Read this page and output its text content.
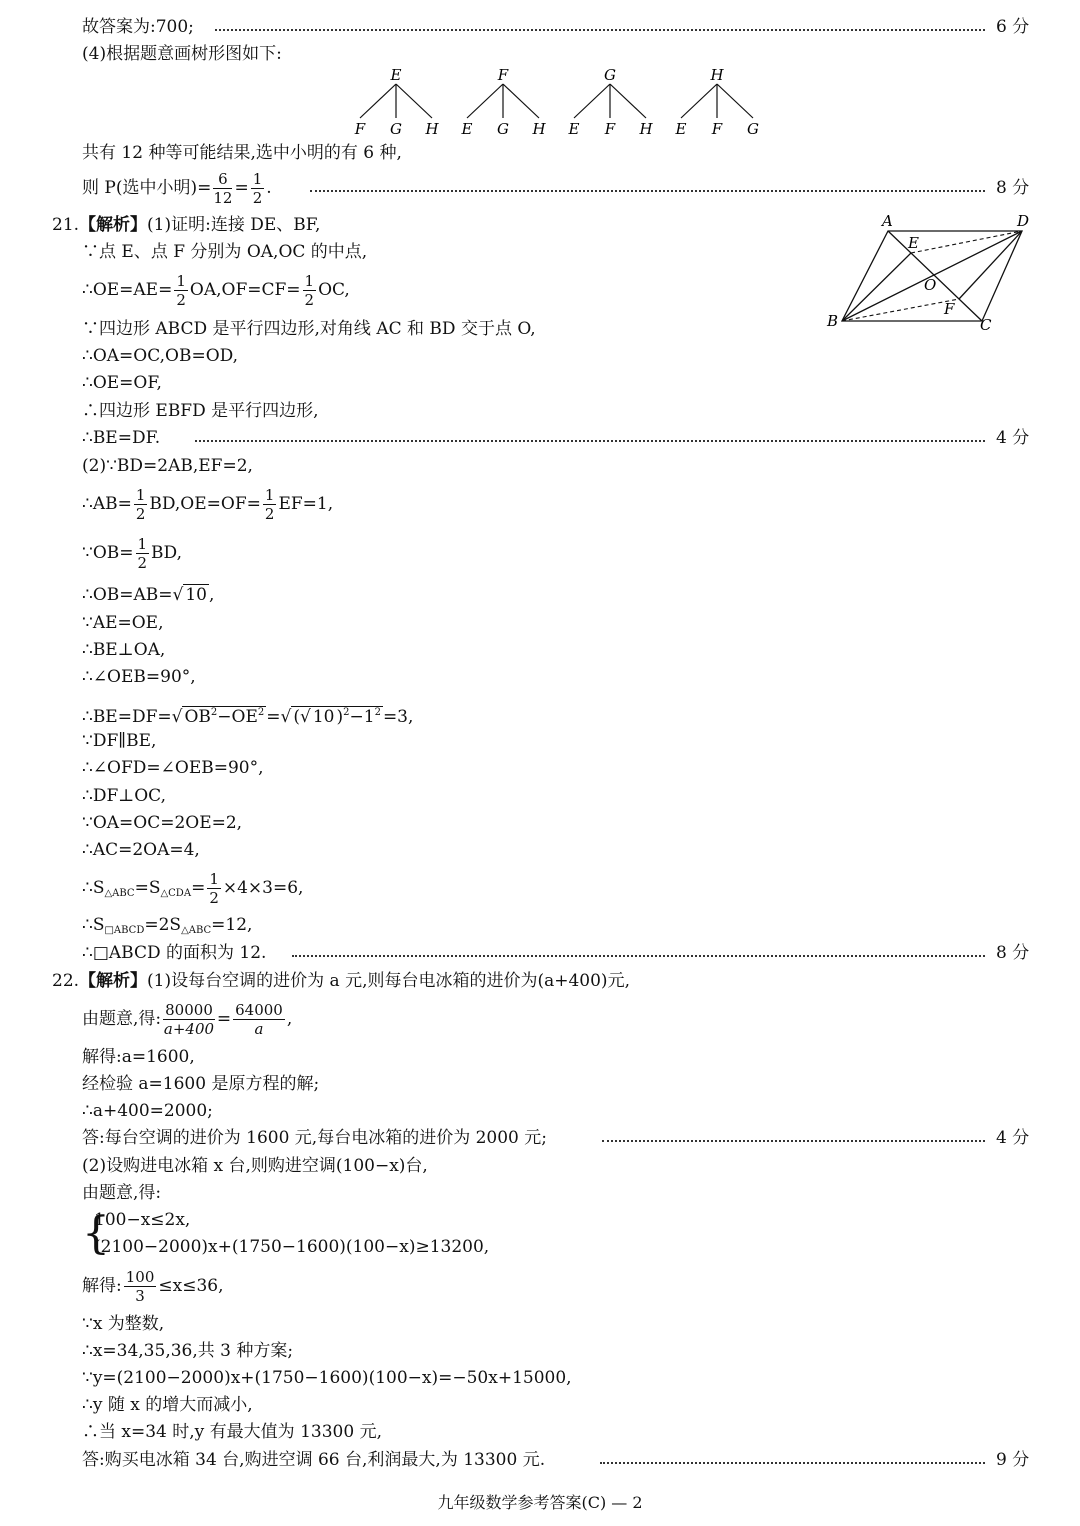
故答案为:700;	6 分
(4)根据题意画树形图如下:
E
F G H
F
E G H
G
E F H
H
E F G
共有 12 种等可能结果,选中小明的有 6 种,
则 P(选中小明)= $\frac{6}{12} = \frac{1}{2}$ .	8 分
21.【解析】(1)证明:连接 DE、BF,
∵点 E、点 F 分别为 OA,OC 的中点,
∴OE=AE= $\frac{1}{2} OA,OF=CF= \frac{1}{2}$ OC,
∵四边形 ABCD 是平行四边形,对角线 AC 和 BD 交于点 O,
∴OA=OC,OB=OD,
∴OE=OF,
∴四边形 EBFD 是平行四边形,
∴BE=DF.	4 分
(2)∵BD=2AB,EF=2,
∴AB= $\frac{1}{2} BD,OE=OF= \frac{1}{2} EF=1$,
∵OB= $\frac{1}{2}$ BD,
∴OB=AB=√ 10 ,
∵AE=OE,
∴BE⊥OA,
∴∠OEB=90°,
∴BE=DF=√ $OB^2-OE^2$ =√ (√ 10 )$^2-1^2 =3$,
∵DF∥BE,
∴∠OFD=∠OEB=90°,
∴DF⊥OC,
∵OA=OC=2OE=2,
∴AC=2OA=4,
$\therefore S_{\triangle ABC}=S_{\triangle CDA}= \frac{1}{2} \times 4\times 3=6$,
$\therefore S_{□ABCD}=2S_{\triangle ABC}=12$,
∴□ABCD 的面积为 12.	8 分
A	D
E
O
F
B	C
22.【解析】(1)设每台空调的进价为 a 元,则每台电冰箱的进价为(a+400)元,
由题意,得: $\frac{80000}{a+400} = \frac{64000}{a}$ ,
解得:a=1600,
经检验 a=1600 是原方程的解;
∴a+400=2000;
答:每台空调的进价为 1600 元,每台电冰箱的进价为 2000 元;	4 分
(2)设购进电冰箱 x 台,则购进空调(100−x)台,
由题意,得:
{
100−x≤2x,
(2100−2000)x+(1750−1600)(100−x)≥13200,
解得: $\frac{100}{3} \le x\le 36$,
∵x 为整数,
∴x=34,35,36,共 3 种方案;
∵y=(2100−2000)x+(1750−1600)(100−x)=−50x+15000,
∴y 随 x 的增大而减小,
∴当 x=34 时,y 有最大值为 13300 元,
答:购买电冰箱 34 台,购进空调 66 台,利润最大,为 13300 元.	9 分
九年级数学参考答案(C) — 2
